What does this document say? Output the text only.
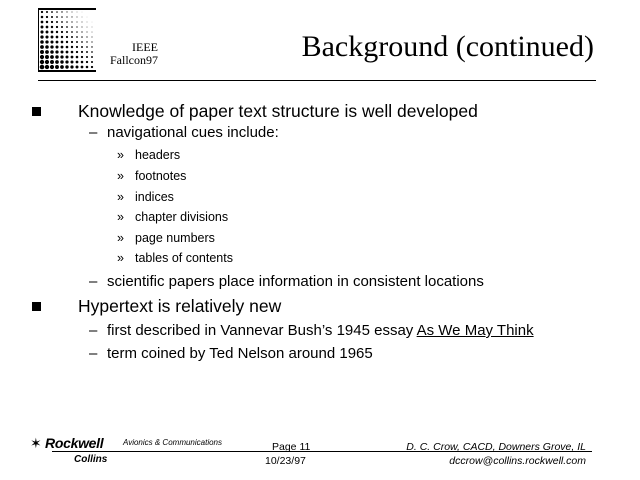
IEEE
Fallcon97	Background (continued)
Knowledge of paper text structure is well developed
– navigational cues include:
» headers
» footnotes
» indices
» chapter divisions
» page numbers
» tables of contents
– scientific papers place information in consistent locations
Hypertext is relatively new
– first described in Vannevar Bush’s 1945 essay As We May Think
– term coined by Ted Nelson around 1965
✶ Rockwell Avionics & Communications
Collins
Page 11
10/23/97
D. C. Crow, CACD, Downers Grove, IL
dccrow@collins.rockwell.com
